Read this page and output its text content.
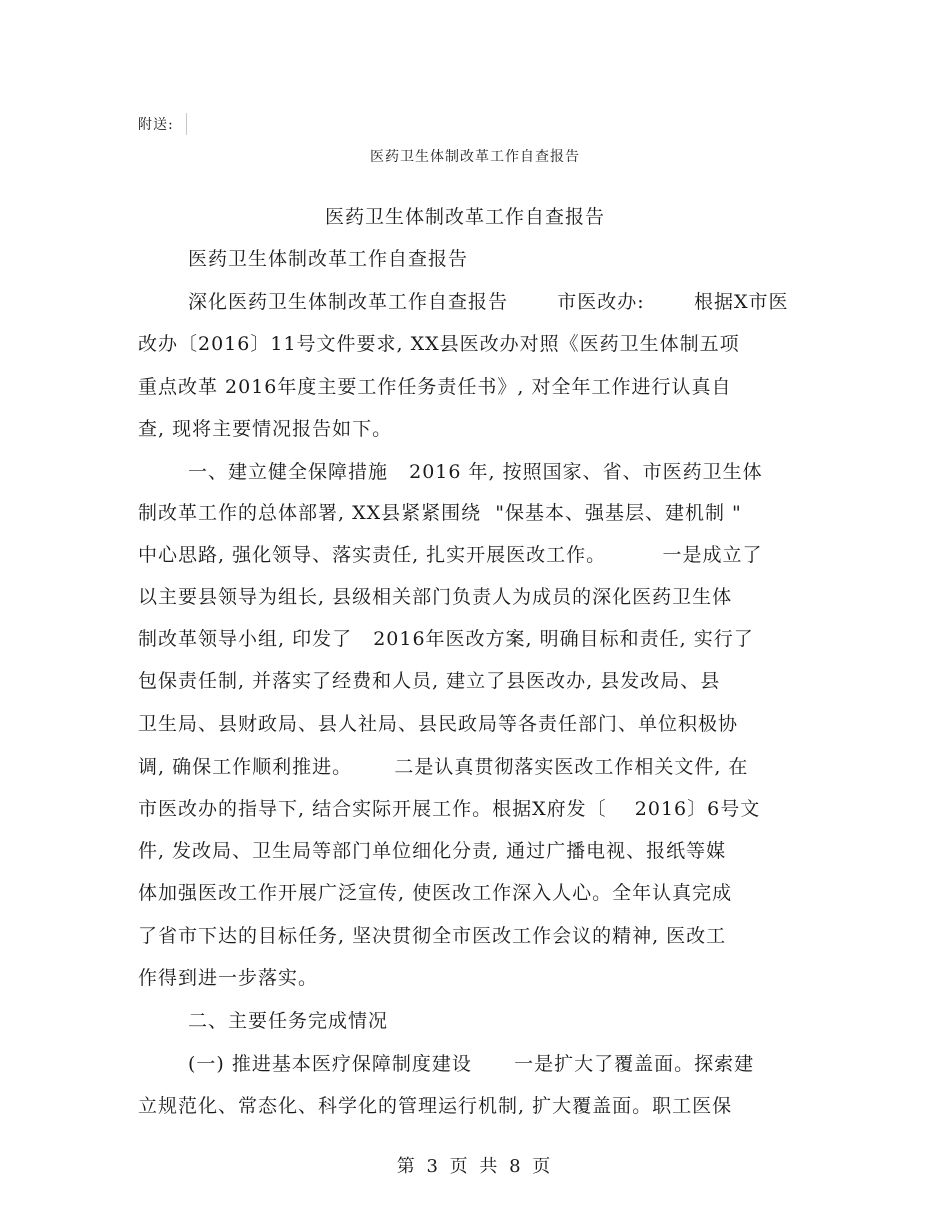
附送:
医药卫生体制改革工作自查报告
医药卫生体制改革工作自查报告
医药卫生体制改革工作自查报告
深化医药卫生体制改革工作自查报告       市医改办:       根据X市医
改办〔2016〕11号文件要求, XX县医改办对照《医药卫生体制五项
重点改革 2016年度主要工作任务责任书》, 对全年工作进行认真自
查, 现将主要情况报告如下。
一、建立健全保障措施   2016 年, 按照国家、省、市医药卫生体
制改革工作的总体部署, XX县紧紧围绕  "保基本、强基层、建机制 "
中心思路, 强化领导、落实责任, 扎实开展医改工作。        一是成立了
以主要县领导为组长, 县级相关部门负责人为成员的深化医药卫生体
制改革领导小组, 印发了   2016年医改方案, 明确目标和责任, 实行了
包保责任制, 并落实了经费和人员, 建立了县医改办, 县发改局、县
卫生局、县财政局、县人社局、县民政局等各责任部门、单位积极协
调, 确保工作顺利推进。      二是认真贯彻落实医改工作相关文件, 在
市医改办的指导下, 结合实际开展工作。根据X府发〔    2016〕6号文
件, 发改局、卫生局等部门单位细化分责, 通过广播电视、报纸等媒
体加强医改工作开展广泛宣传, 使医改工作深入人心。全年认真完成
了省市下达的目标任务, 坚决贯彻全市医改工作会议的精神, 医改工
作得到进一步落实。
二、主要任务完成情况
(一) 推进基本医疗保障制度建设      一是扩大了覆盖面。探索建
立规范化、常态化、科学化的管理运行机制, 扩大覆盖面。职工医保
第 3 页 共 8 页
